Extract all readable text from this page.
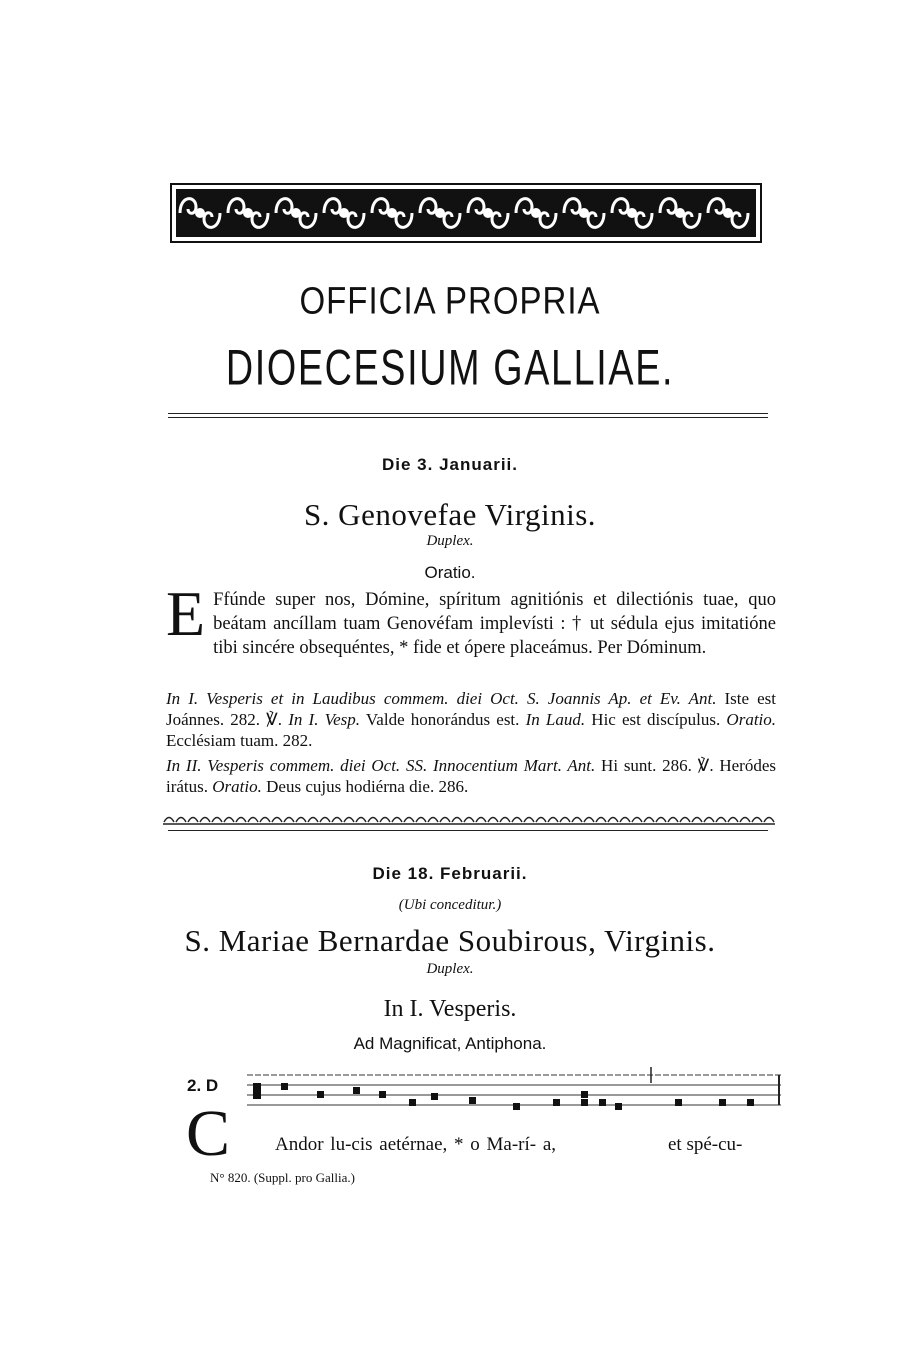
OFFICIA PROPRIA
DIOECESIUM GALLIAE.
Die 3. Januarii.
S. Genovefae Virginis.
Duplex.
Oratio.
E Ffúnde super nos, Dómine, spíritum agnitiónis et dilectiónis tuae, quo beátam ancíllam tuam Genovéfam implevísti : † ut sédula ejus imitatióne tibi sincére obsequéntes, * fide et ópere placeámus. Per Dóminum.
In I. Vesperis et in Laudibus commem. diei Oct. S. Joannis Ap. et Ev. Ant. Iste est Joánnes. 282. ℣. In I. Vesp. Valde honorándus est. In Laud. Hic est discípulus. Oratio. Ecclésiam tuam. 282.
In II. Vesperis commem. diei Oct. SS. Innocentium Mart. Ant. Hi sunt. 286. ℣. Heródes irátus. Oratio. Deus cujus hodiérna die. 286.
Die 18. Februarii.
(Ubi conceditur.)
S. Mariae Bernardae Soubirous, Virginis.
Duplex.
In I. Vesperis.
Ad Magnificat, Antiphona.
2. D
C Andor lu-cis aetérnae, * o Ma-rí- a,	et spé-cu-
N° 820. (Suppl. pro Gallia.)
